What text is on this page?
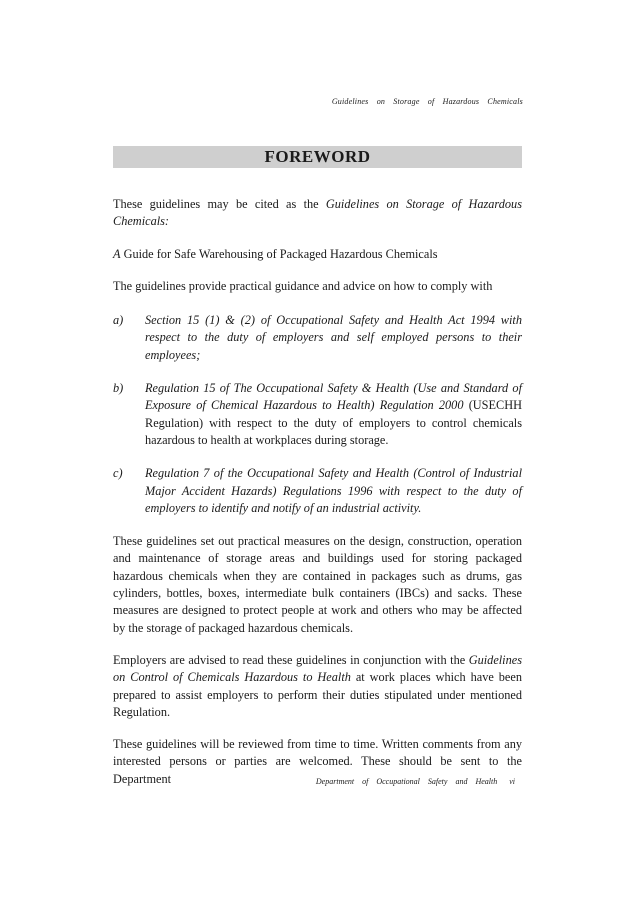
Guidelines on Storage of Hazardous Chemicals
FOREWORD

These guidelines may be cited as the Guidelines on Storage of Hazardous Chemicals:

A Guide for Safe Warehousing of Packaged Hazardous Chemicals

The guidelines provide practical guidance and advice on how to comply with

a)	Section 15 (1) & (2) of Occupational Safety and Health Act 1994 with respect to the duty of employers and self employed persons to their employees;
b)	Regulation 15 of The Occupational Safety & Health (Use and Standard of Exposure of Chemical Hazardous to Health) Regulation 2000 (USECHH Regulation) with respect to the duty of employers to control chemicals hazardous to health at workplaces during storage.
c)	Regulation 7 of the Occupational Safety and Health (Control of Industrial Major Accident Hazards) Regulations 1996 with respect to the duty of employers to identify and notify of an industrial activity.

These guidelines set out practical measures on the design, construction, operation and maintenance of storage areas and buildings used for storing packaged hazardous chemicals when they are contained in packages such as drums, gas cylinders, bottles, boxes, intermediate bulk containers (IBCs) and sacks. These measures are designed to protect people at work and others who may be affected by the storage of packaged hazardous chemicals.

Employers are advised to read these guidelines in conjunction with the Guidelines on Control of Chemicals Hazardous to Health at work places which have been prepared to assist employers to perform their duties stipulated under mentioned Regulation.

These guidelines will be reviewed from time to time. Written comments from any interested persons or parties are welcomed. These should be sent to the Department	Department of Occupational Safety and Health vi
